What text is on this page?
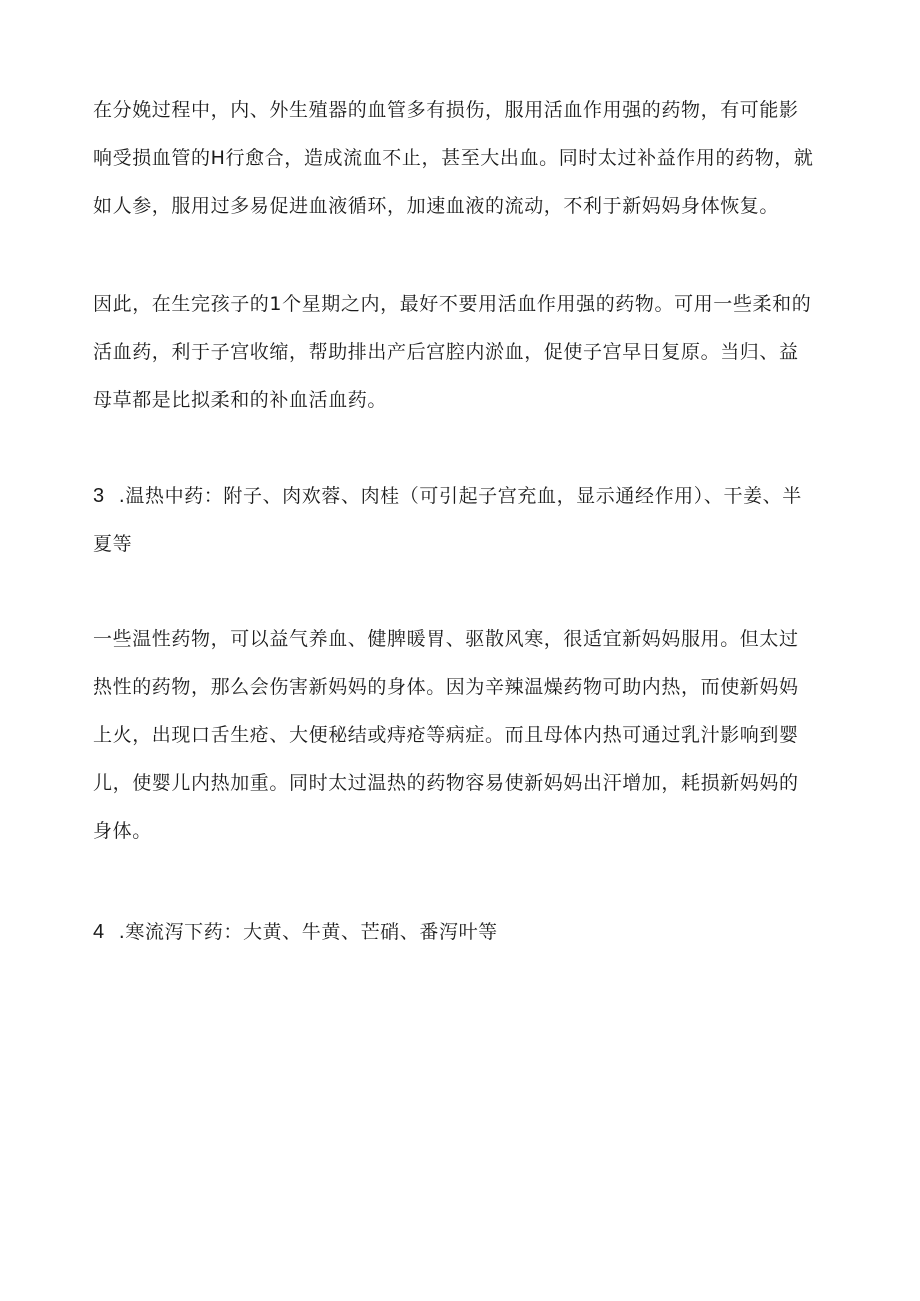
在分娩过程中，内、外生殖器的血管多有损伤，服用活血作用强的药物，有可能影
响受损血管的H行愈合，造成流血不止，甚至大出血。同时太过补益作用的药物，就
如人参，服用过多易促进血液循环，加速血液的流动，不利于新妈妈身体恢复。
因此，在生完孩子的1个星期之内，最好不要用活血作用强的药物。可用一些柔和的
活血药，利于子宫收缩，帮助排出产后宫腔内淤血，促使子宫早日复原。当归、益
母草都是比拟柔和的补血活血药。
3 .温热中药：附子、肉欢蓉、肉桂（可引起子宫充血，显示通经作用）、干姜、半
夏等
一些温性药物，可以益气养血、健脾暖胃、驱散风寒，很适宜新妈妈服用。但太过
热性的药物，那么会伤害新妈妈的身体。因为辛辣温燥药物可助内热，而使新妈妈
上火，出现口舌生疮、大便秘结或痔疮等病症。而且母体内热可通过乳汁影响到婴
儿，使婴儿内热加重。同时太过温热的药物容易使新妈妈出汗增加，耗损新妈妈的
身体。
4 .寒流泻下药：大黄、牛黄、芒硝、番泻叶等
